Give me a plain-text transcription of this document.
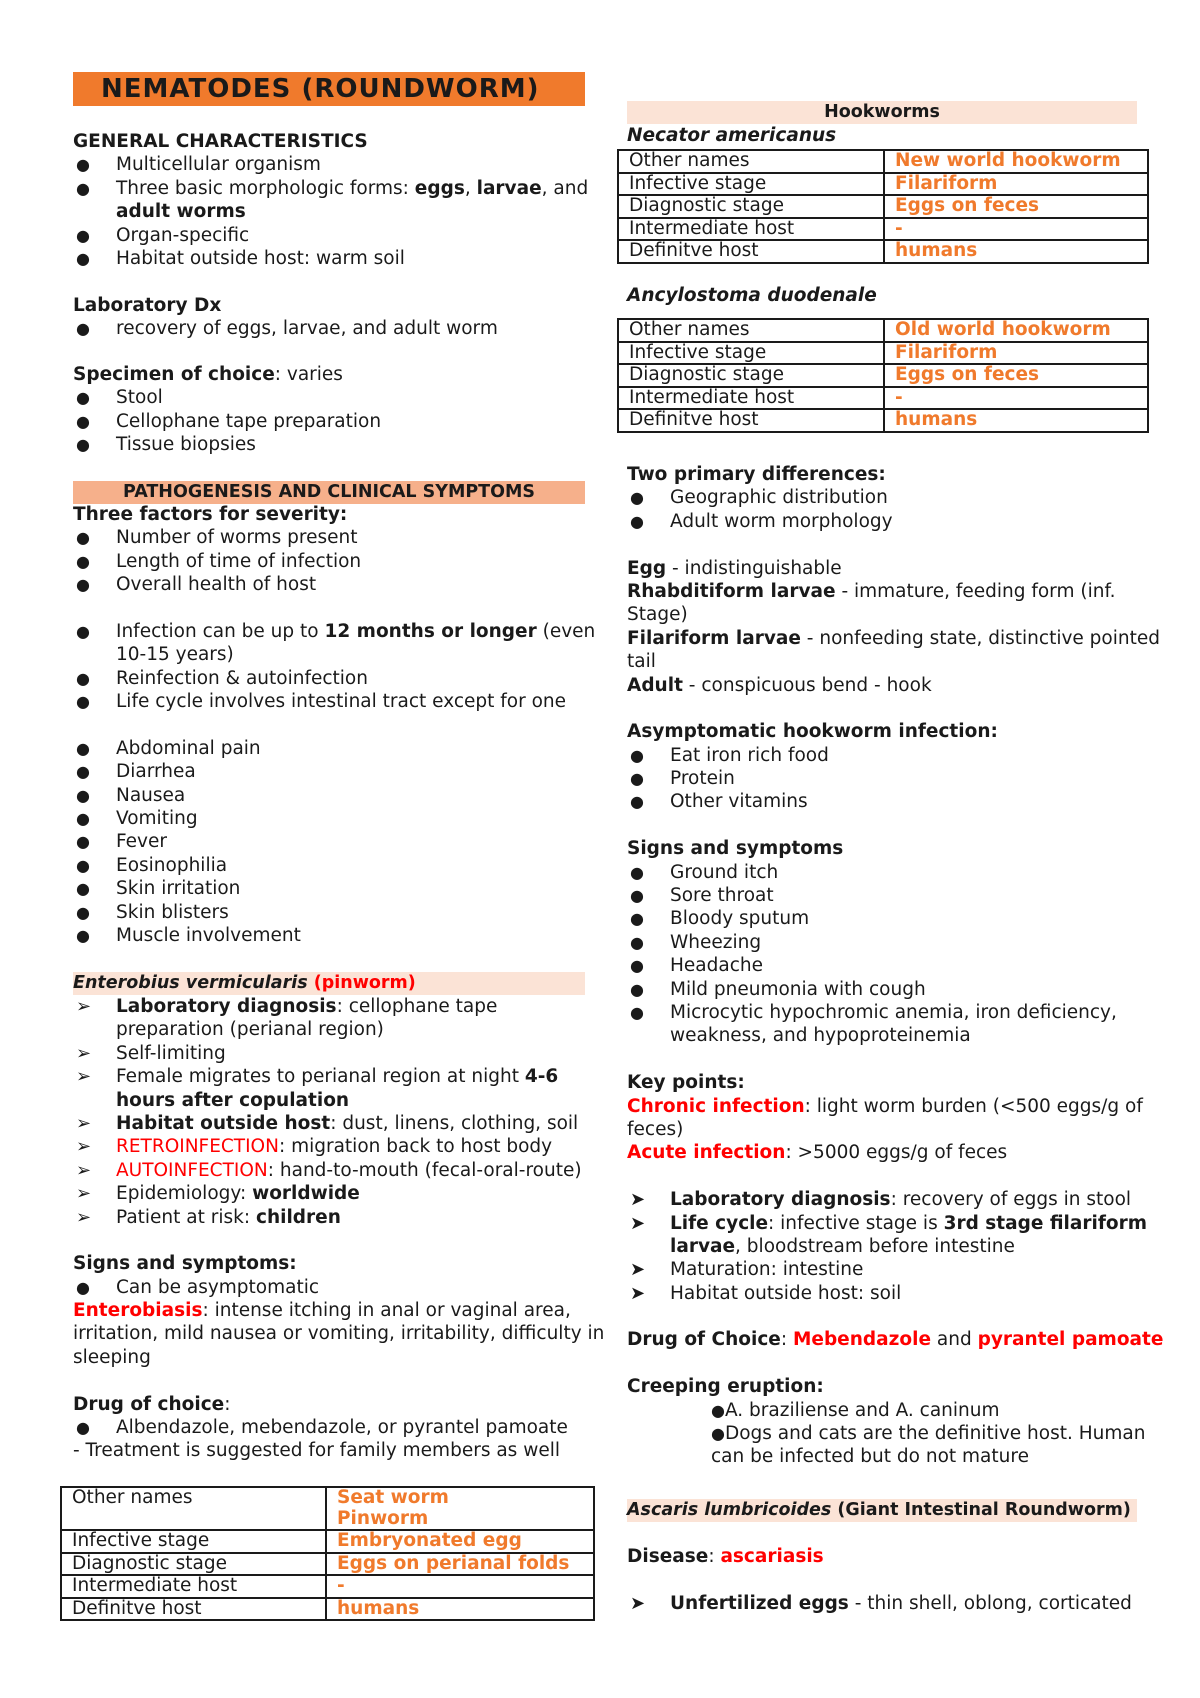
NEMATODES (ROUNDWORM)
GENERAL CHARACTERISTICS
●	Multicellular organism
●	Three basic morphologic forms: eggs, larvae, and
adult worms
●	Organ-specific
●	Habitat outside host: warm soil
Laboratory Dx
●	recovery of eggs, larvae, and adult worm
Specimen of choice: varies
●	Stool
●	Cellophane tape preparation
●	Tissue biopsies
PATHOGENESIS AND CLINICAL SYMPTOMS
Three factors for severity:
●	Number of worms present
●	Length of time of infection
●	Overall health of host
●	Infection can be up to 12 months or longer (even
10-15 years)
●	Reinfection & autoinfection
●	Life cycle involves intestinal tract except for one
●	Abdominal pain
●	Diarrhea
●	Nausea
●	Vomiting
●	Fever
●	Eosinophilia
●	Skin irritation
●	Skin blisters
●	Muscle involvement
Enterobius vermicularis (pinworm)
➢ Laboratory diagnosis: cellophane tape
preparation (perianal region)
➢ Self-limiting
➢ Female migrates to perianal region at night 4-6
hours after copulation
➢ Habitat outside host: dust, linens, clothing, soil
➢ RETROINFECTION: migration back to host body
➢ AUTOINFECTION: hand-to-mouth (fecal-oral-route)
➢ Epidemiology: worldwide
➢ Patient at risk: children
Signs and symptoms:
●	Can be asymptomatic
Enterobiasis: intense itching in anal or vaginal area,
irritation, mild nausea or vomiting, irritability, difficulty in
sleeping
Drug of choice:
●	Albendazole, mebendazole, or pyrantel pamoate
- Treatment is suggested for family members as well
Other names	Seat worm
Pinworm

Infective stage	Embryonated egg
Diagnostic stage	Eggs on perianal folds
Intermediate host	-
Definitve host	humans
Hookworms
Necator americanus
Ancylostoma duodenale
Two primary differences:
●	Geographic distribution
●	Adult worm morphology
Egg - indistinguishable
Rhabditiform larvae - immature, feeding form (inf.
Stage)
Filariform larvae - nonfeeding state, distinctive pointed
tail
Adult - conspicuous bend - hook
Asymptomatic hookworm infection:
●	Eat iron rich food
●	Protein
●	Other vitamins
Signs and symptoms
●	Ground itch
●	Sore throat
●	Bloody sputum
●	Wheezing
●	Headache
●	Mild pneumonia with cough
●	Microcytic hypochromic anemia, iron deficiency,
weakness, and hypoproteinemia
Key points:
Chronic infection: light worm burden (<500 eggs/g of
feces)
Acute infection: >5000 eggs/g of feces
➤ Laboratory diagnosis: recovery of eggs in stool
➤ Life cycle: infective stage is 3rd stage filariform
larvae, bloodstream before intestine
➤ Maturation: intestine
➤ Habitat outside host: soil
Drug of Choice: Mebendazole and pyrantel pamoate
Creeping eruption:
●A. braziliense and A. caninum
●Dogs and cats are the definitive host. Human
can be infected but do not mature
Ascaris lumbricoides (Giant Intestinal Roundworm)
Disease: ascariasis
➤ Unfertilized eggs - thin shell, oblong, corticated
Other names	New world hookworm
Infective stage	Filariform
Diagnostic stage	Eggs on feces
Intermediate host	-
Definitve host	humans
Other names	Old world hookworm
Infective stage	Filariform
Diagnostic stage	Eggs on feces
Intermediate host	-
Definitve host	humans
